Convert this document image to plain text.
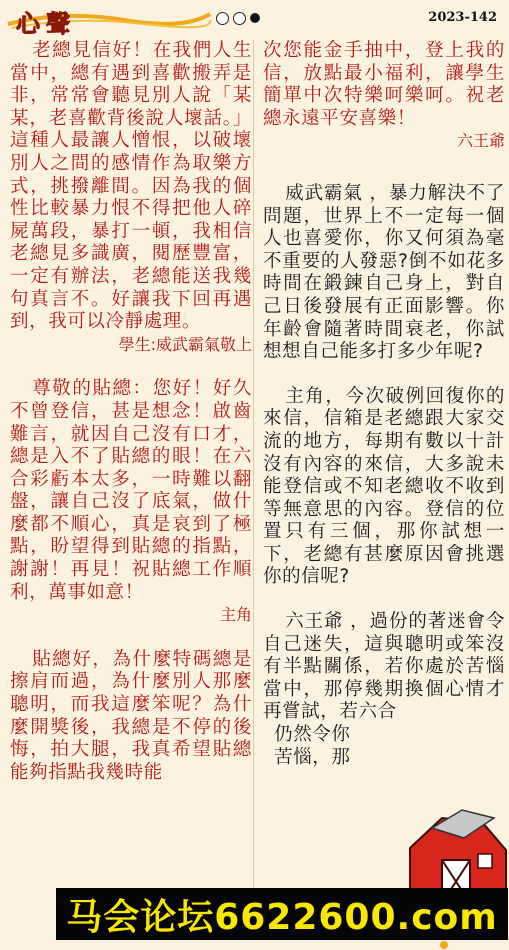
心聲	2023-142

老總見信好！在我們人生當中，總有遇到喜歡搬弄是非，常常會聽見別人說「某某，老喜歡背後說人壞話。」這種人最讓人憎恨，以破壞別人之間的感情作為取樂方式，挑撥離間。因為我的個性比較暴力恨不得把他人碎屍萬段，暴打一頓，我相信老總見多識廣，閱歷豐富，一定有辦法，老總能送我幾句真言不。好讓我下回再遇到，我可以冷靜處理。

學生:威武霸氣敬上

尊敬的貼總：您好！好久不曾登信，甚是想念！啟齒難言，就因自己沒有口才，總是入不了貼總的眼！在六合彩虧本太多，一時難以翻盤，讓自己沒了底氣，做什麼都不順心，真是哀到了極點，盼望得到貼總的指點，謝謝！再見！祝貼總工作順利，萬事如意！

主角

貼總好，為什麼特碼總是擦肩而過，為什麼別人那麼聰明，而我這麼笨呢？為什麼開獎後，我總是不停的後悔，拍大腿，我真希望貼總能夠指點我幾時能

次您能金手抽中，登上我的信，放點最小福利，讓學生簡單中次特樂呵樂呵。祝老總永遠平安喜樂！

六王爺

威武霸氣 ，暴力解決不了問題，世界上不一定每一個人也喜愛你，你又何須為毫不重要的人發惡?倒不如花多時間在鍛鍊自己身上，對自己日後發展有正面影響。你年齡會隨著時間衰老，你試想想自己能多打多少年呢?

主角，今次破例回復你的來信，信箱是老總跟大家交流的地方，每期有數以十計沒有內容的來信，大多說未能登信或不知老總收不收到等無意思的內容。登信的位置只有三個，那你試想一下，老總有甚麼原因會挑選你的信呢?

六王爺 ，過份的著迷會令自己迷失，這與聰明或笨沒有半點關係，若你處於苦惱當中，那停幾期換個心情才再嘗試，若六合

仍然令你

苦惱，那

马会论坛6622600.com
